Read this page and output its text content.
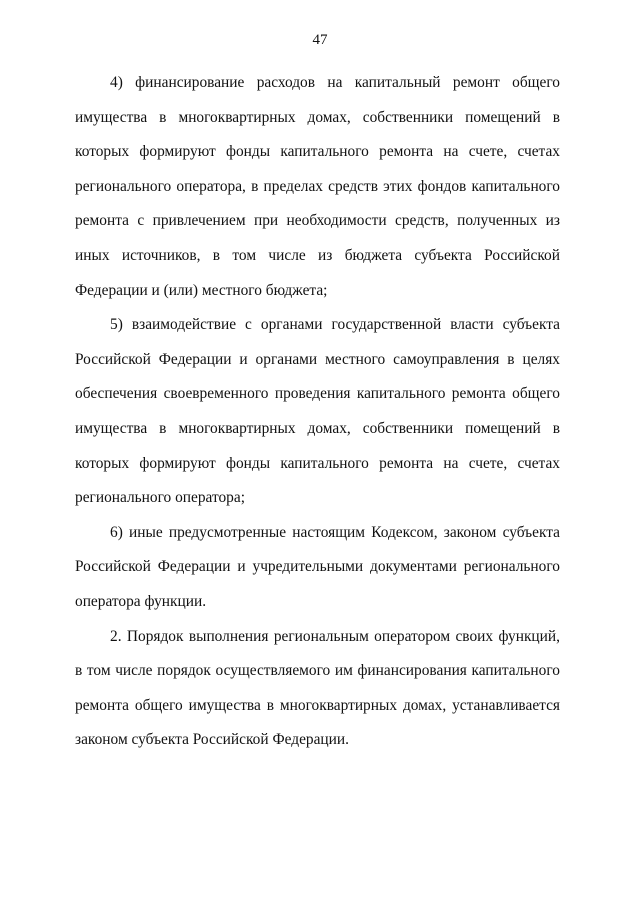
47

4) финансирование расходов на капитальный ремонт общего имущества в многоквартирных домах, собственники помещений в которых формируют фонды капитального ремонта на счете, счетах регионального оператора, в пределах средств этих фондов капитального ремонта с привлечением при необходимости средств, полученных из иных источников, в том числе из бюджета субъекта Российской Федерации и (или) местного бюджета;

5) взаимодействие с органами государственной власти субъекта Российской Федерации и органами местного самоуправления в целях обеспечения своевременного проведения капитального ремонта общего имущества в многоквартирных домах, собственники помещений в которых формируют фонды капитального ремонта на счете, счетах регионального оператора;

6) иные предусмотренные настоящим Кодексом, законом субъекта Российской Федерации и учредительными документами регионального оператора функции.

2. Порядок выполнения региональным оператором своих функций, в том числе порядок осуществляемого им финансирования капитального ремонта общего имущества в многоквартирных домах, устанавливается законом субъекта Российской Федерации.
